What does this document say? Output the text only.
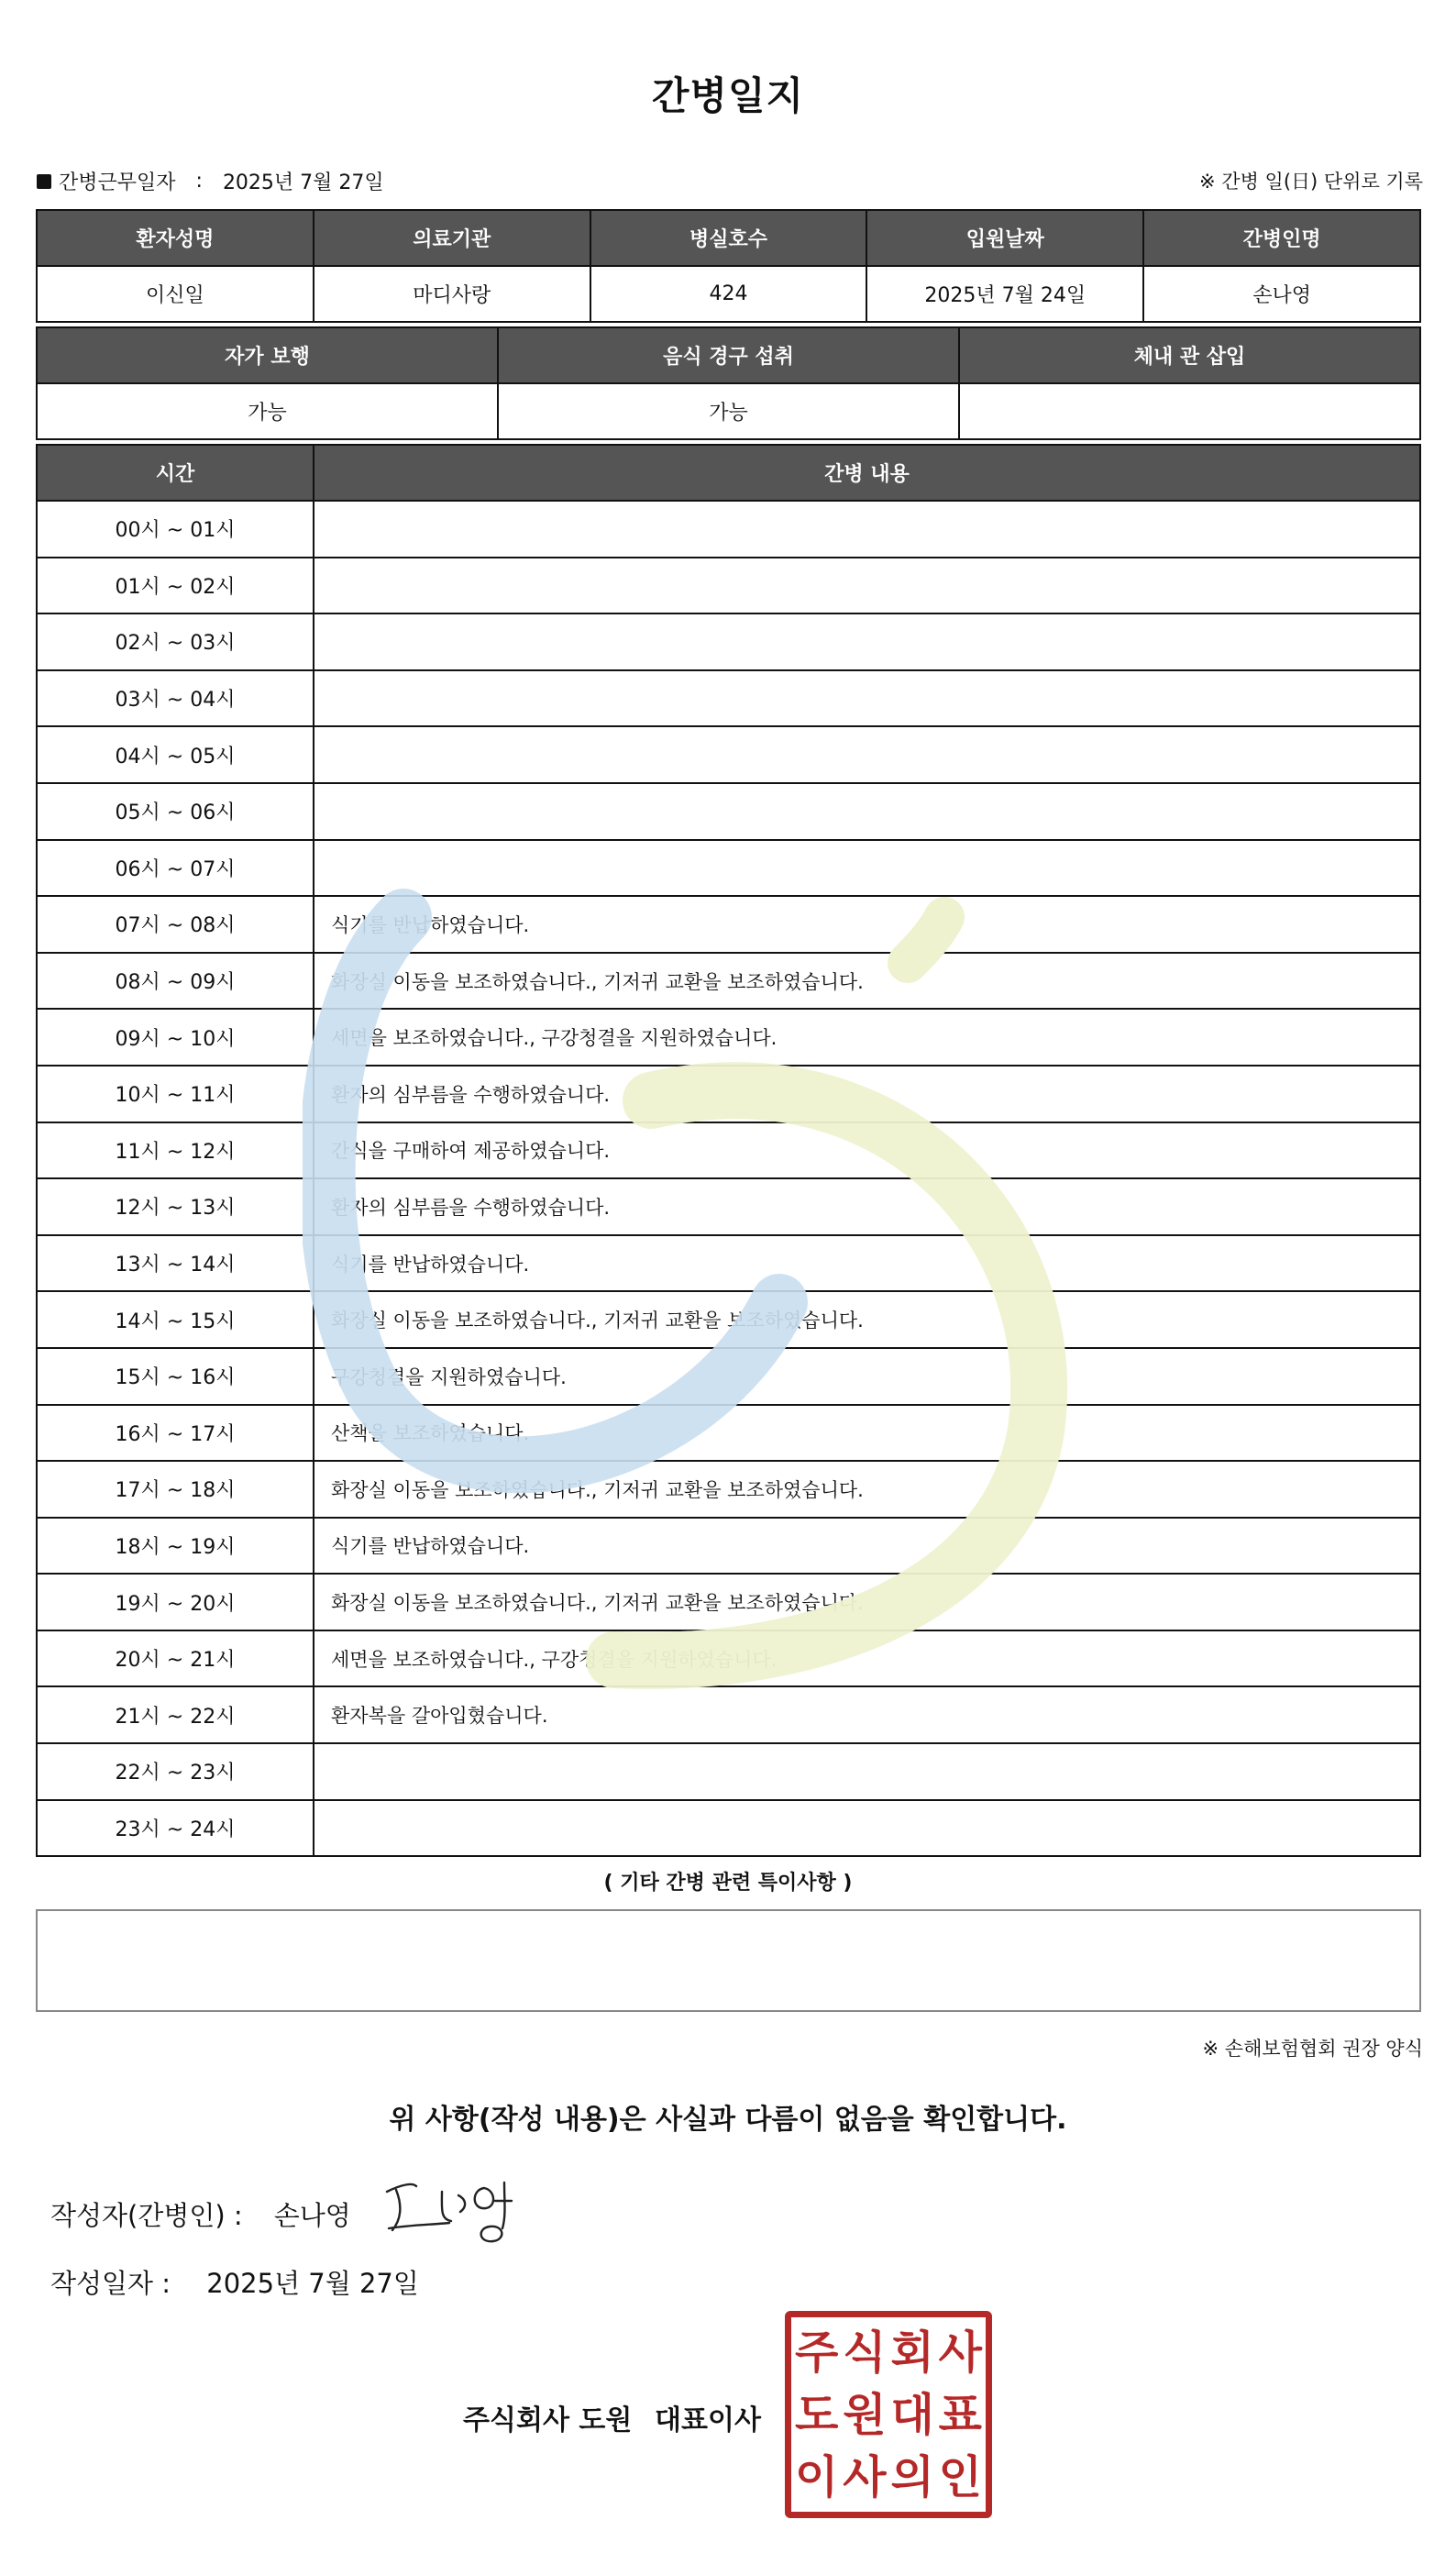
간병일지
간병근무일자 : 2025년 7월 27일	※ 간병 일(日) 단위로 기록
환자성명	의료기관	병실호수	입원날짜	간병인명
이신일	마디사랑	424	2025년 7월 24일	손나영
자가 보행	음식 경구 섭취	체내 관 삽입
가능	가능	
시간	간병 내용
00시 ~ 01시	
01시 ~ 02시	
02시 ~ 03시	
03시 ~ 04시	
04시 ~ 05시	
05시 ~ 06시	
06시 ~ 07시	
07시 ~ 08시	식기를 반납하였습니다.
08시 ~ 09시	화장실 이동을 보조하였습니다., 기저귀 교환을 보조하였습니다.
09시 ~ 10시	세면을 보조하였습니다., 구강청결을 지원하였습니다.
10시 ~ 11시	환자의 심부름을 수행하였습니다.
11시 ~ 12시	간식을 구매하여 제공하였습니다.
12시 ~ 13시	환자의 심부름을 수행하였습니다.
13시 ~ 14시	식기를 반납하였습니다.
14시 ~ 15시	화장실 이동을 보조하였습니다., 기저귀 교환을 보조하였습니다.
15시 ~ 16시	구강청결을 지원하였습니다.
16시 ~ 17시	산책을 보조하였습니다.
17시 ~ 18시	화장실 이동을 보조하였습니다., 기저귀 교환을 보조하였습니다.
18시 ~ 19시	식기를 반납하였습니다.
19시 ~ 20시	화장실 이동을 보조하였습니다., 기저귀 교환을 보조하였습니다.
20시 ~ 21시	세면을 보조하였습니다., 구강청결을 지원하였습니다.
21시 ~ 22시	환자복을 갈아입혔습니다.
22시 ~ 23시	
23시 ~ 24시	
( 기타 간병 관련 특이사항 )
※ 손해보험협회 권장 양식
위 사항(작성 내용)은 사실과 다름이 없음을 확인합니다.
작성자(간병인) : 손나영
작성일자 : 2025년 7월 27일
주식회사 도원 대표이사
주 식 회 사
도 원 대 표
이 사 의 인
